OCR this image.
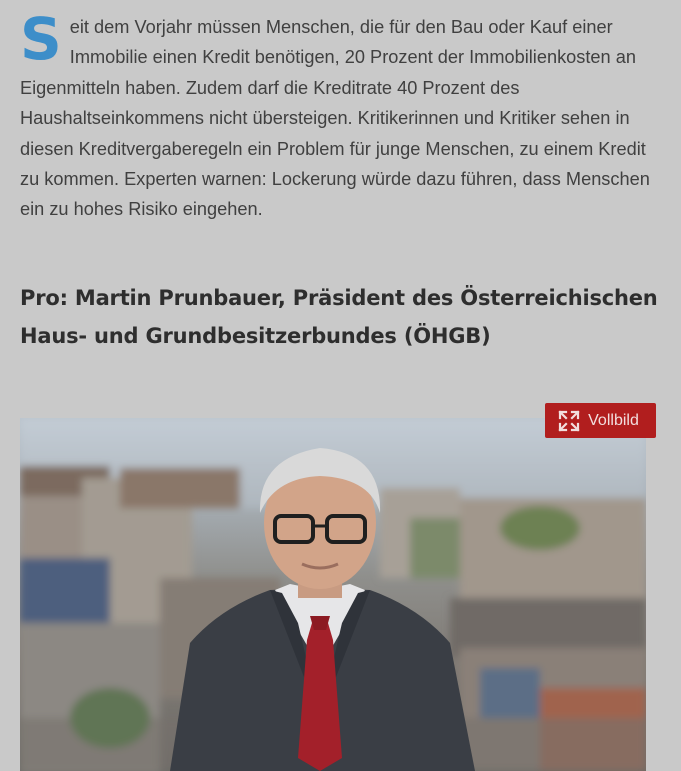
Seit dem Vorjahr müssen Menschen, die für den Bau oder Kauf einer Immobilie einen Kredit benötigen, 20 Prozent der Immobilienkosten an Eigenmitteln haben. Zudem darf die Kreditrate 40 Prozent des Haushaltseinkommens nicht übersteigen. Kritikerinnen und Kritiker sehen in diesen Kreditvergaberegeln ein Problem für junge Menschen, zu einem Kredit zu kommen. Experten warnen: Lockerung würde dazu führen, dass Menschen ein zu hohes Risiko eingehen.

Pro: Martin Prunbauer, Präsident des Österreichischen Haus- und Grundbesitzerbundes (ÖHGB)
Vollbild
